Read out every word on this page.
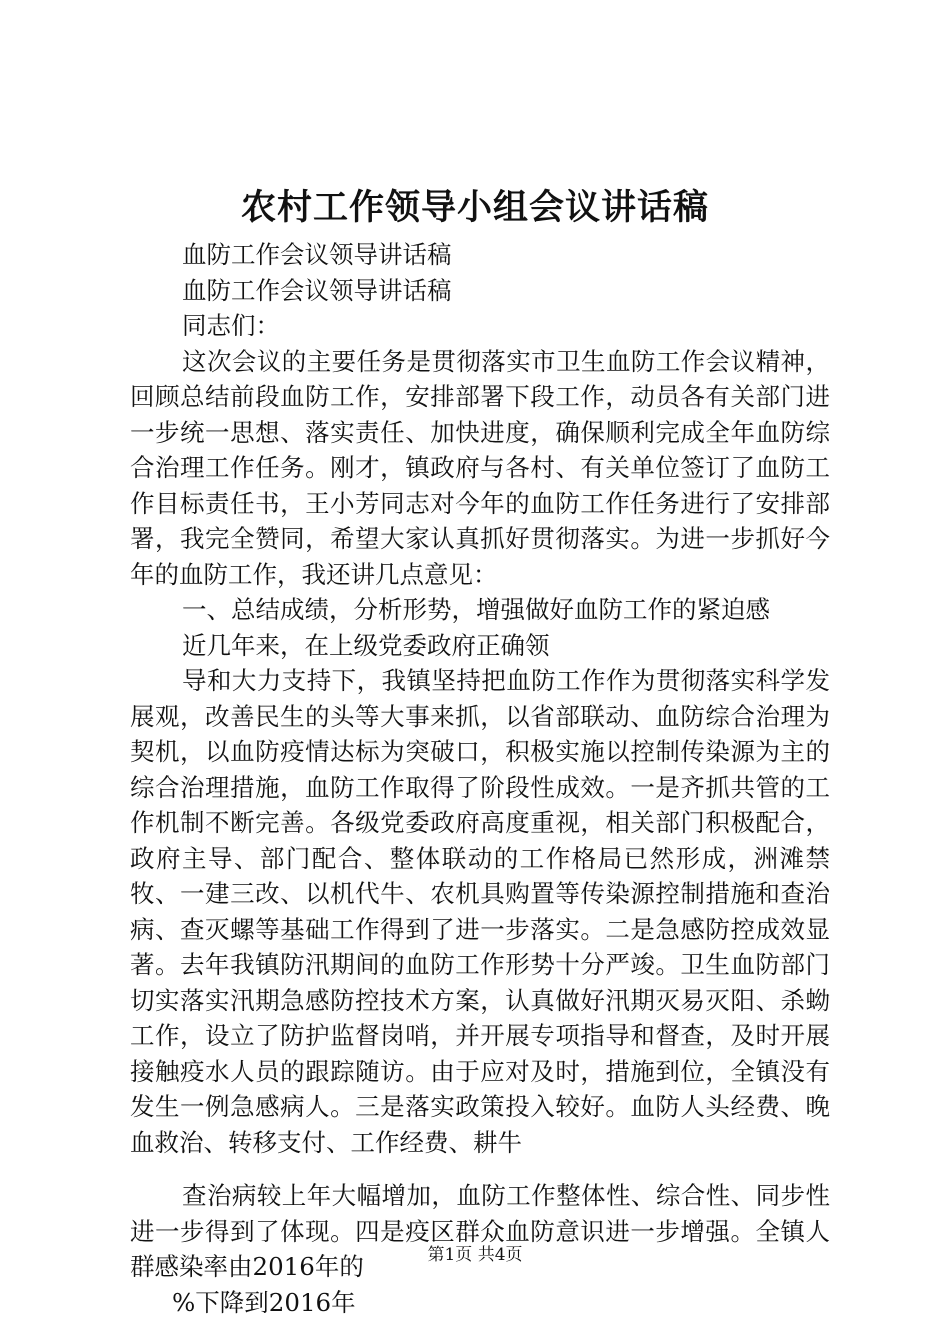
农村工作领导小组会议讲话稿

血防工作会议领导讲话稿

血防工作会议领导讲话稿

同志们：

这次会议的主要任务是贯彻落实市卫生血防工作会议精神，回顾总结前段血防工作，安排部署下段工作，动员各有关部门进一步统一思想、落实责任、加快进度，确保顺利完成全年血防综合治理工作任务。刚才，镇政府与各村、有关单位签订了血防工作目标责任书，王小芳同志对今年的血防工作任务进行了安排部署，我完全赞同，希望大家认真抓好贯彻落实。为进一步抓好今年的血防工作，我还讲几点意见：

一、总结成绩，分析形势，增强做好血防工作的紧迫感

近几年来，在上级党委政府正确领

导和大力支持下，我镇坚持把血防工作作为贯彻落实科学发展观，改善民生的头等大事来抓，以省部联动、血防综合治理为契机，以血防疫情达标为突破口，积极实施以控制传染源为主的综合治理措施，血防工作取得了阶段性成效。一是齐抓共管的工作机制不断完善。各级党委政府高度重视，相关部门积极配合，政府主导、部门配合、整体联动的工作格局已然形成，洲滩禁牧、一建三改、以机代牛、农机具购置等传染源控制措施和查治病、查灭螺等基础工作得到了进一步落实。二是急感防控成效显著。去年我镇防汛期间的血防工作形势十分严竣。卫生血防部门切实落实汛期急感防控技术方案，认真做好汛期灭易灭阳、杀蚴工作，设立了防护监督岗哨，并开展专项指导和督查，及时开展接触疫水人员的跟踪随访。由于应对及时，措施到位，全镇没有发生一例急感病人。三是落实政策投入较好。血防人头经费、晚血救治、转移支付、工作经费、耕牛

查治病较上年大幅增加，血防工作整体性、综合性、同步性进一步得到了体现。四是疫区群众血防意识进一步增强。全镇人群感染率由2016年的

%下降到2016年

第1页 共4页
